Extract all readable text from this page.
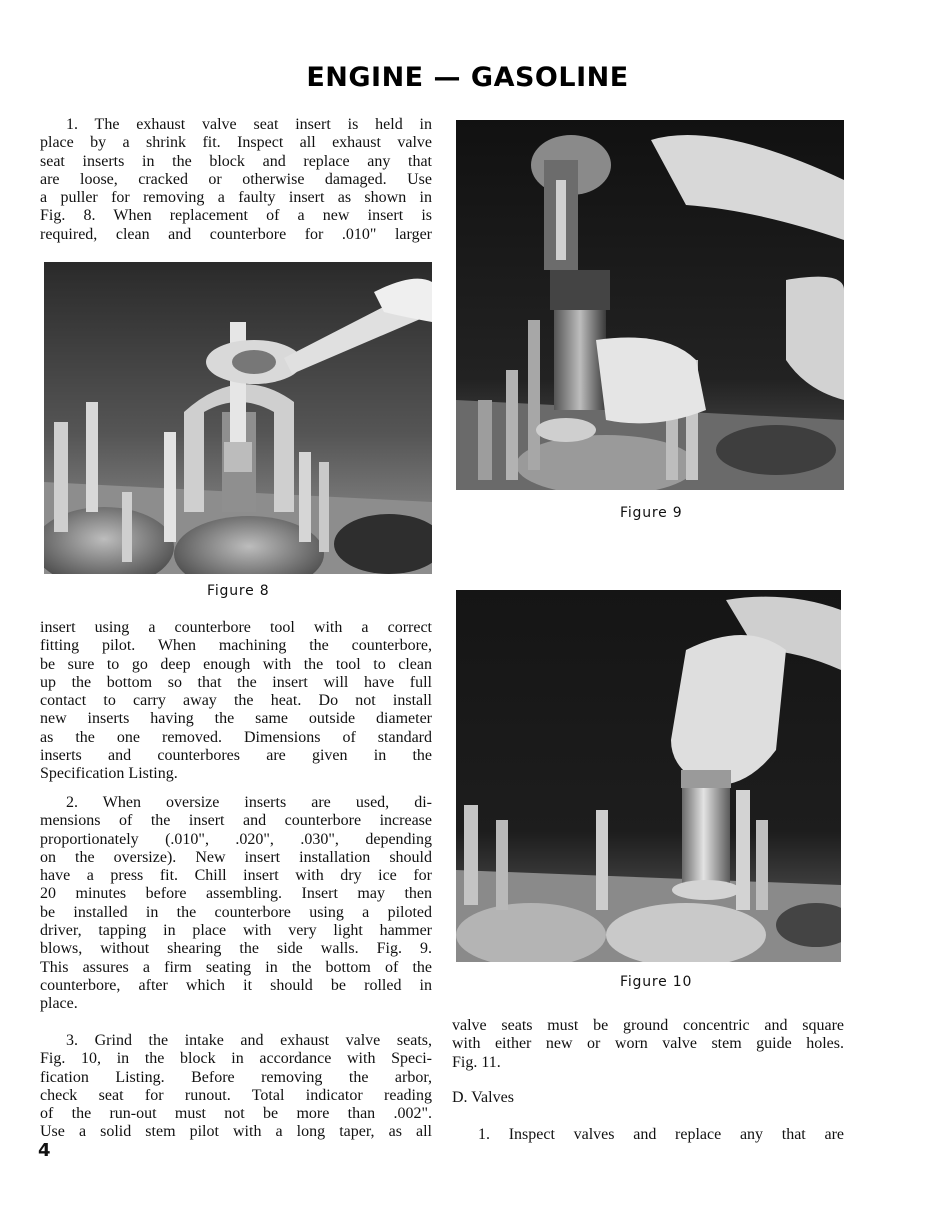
ENGINE — GASOLINE
1. The exhaust valve seat insert is held in
place by a shrink fit. Inspect all exhaust valve
seat inserts in the block and replace any that
are loose, cracked or otherwise damaged. Use
a puller for removing a faulty insert as shown in
Fig. 8. When replacement of a new insert is
required, clean and counterbore for .010" larger
Figure 8
insert using a counterbore tool with a correct
fitting pilot. When machining the counterbore,
be sure to go deep enough with the tool to clean
up the bottom so that the insert will have full
contact to carry away the heat. Do not install
new inserts having the same outside diameter
as the one removed. Dimensions of standard
inserts and counterbores are given in the
Specification Listing.
2. When oversize inserts are used, di-
mensions of the insert and counterbore increase
proportionately (.010", .020", .030", depending
on the oversize). New insert installation should
have a press fit. Chill insert with dry ice for
20 minutes before assembling. Insert may then
be installed in the counterbore using a piloted
driver, tapping in place with very light hammer
blows, without shearing the side walls. Fig. 9.
This assures a firm seating in the bottom of the
counterbore, after which it should be rolled in
place.
3. Grind the intake and exhaust valve seats,
Fig. 10, in the block in accordance with Speci-
fication Listing. Before removing the arbor,
check seat for runout. Total indicator reading
of the run-out must not be more than .002".
Use a solid stem pilot with a long taper, as all
Figure 9
Figure 10
valve seats must be ground concentric and square
with either new or worn valve stem guide holes.
Fig. 11.
D. Valves
1. Inspect valves and replace any that are
4
